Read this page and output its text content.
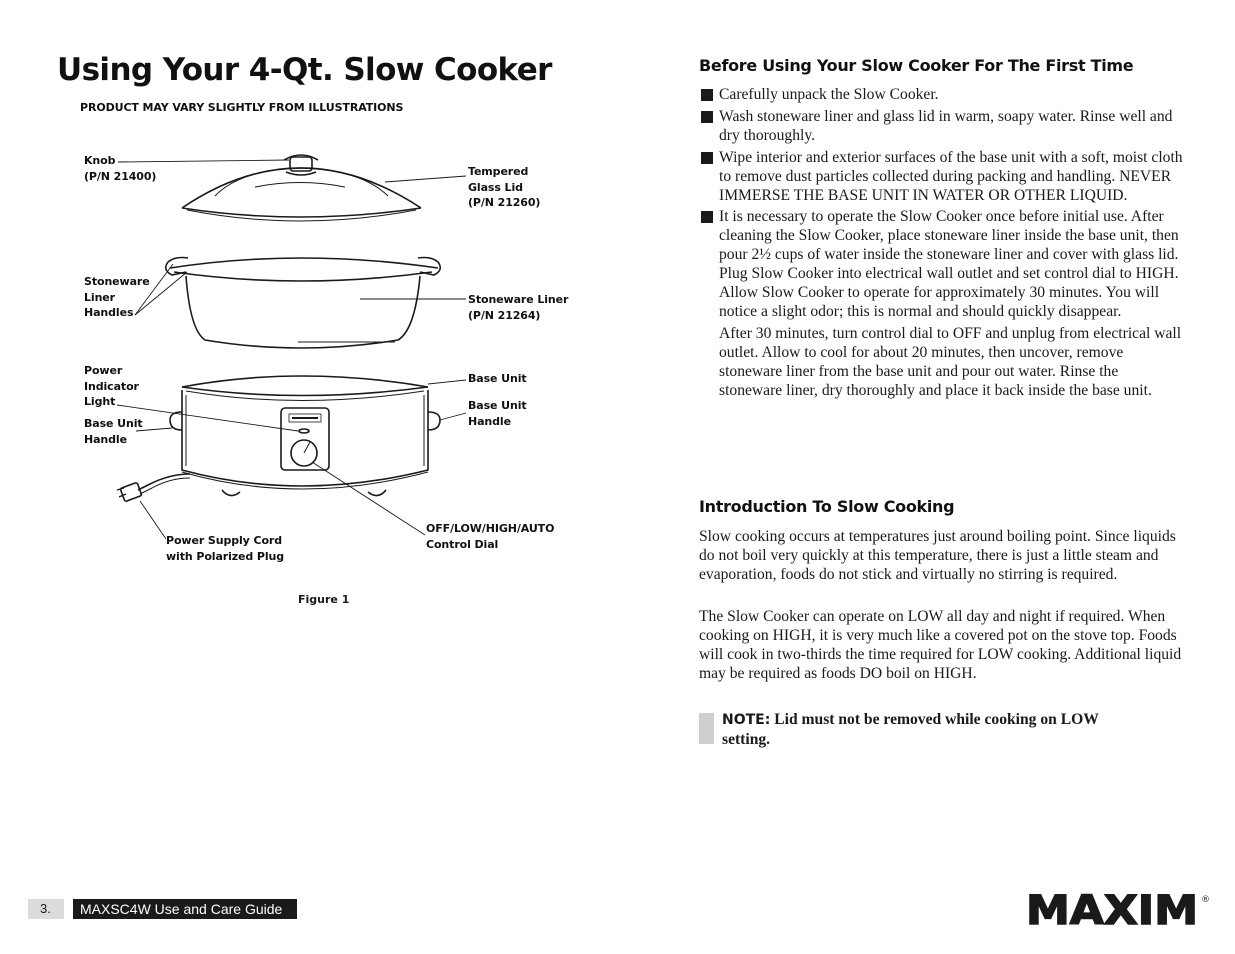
Using Your 4-Qt. Slow Cooker
PRODUCT MAY VARY SLIGHTLY FROM ILLUSTRATIONS
Knob
(P/N 21400)	Tempered
Glass Lid
(P/N 21260)
Stoneware
Liner
Handles
Stoneware Liner
(P/N 21264)
Power
Indicator
Light
Base Unit
Handle
Base Unit
Base Unit
Handle
Power Supply Cord
with Polarized Plug
OFF/LOW/HIGH/AUTO
Control Dial
Figure 1
Before Using Your Slow Cooker For The First Time
Carefully unpack the Slow Cooker.
Wash stoneware liner and glass lid in warm, soapy water. Rinse well and dry thoroughly.
Wipe interior and exterior surfaces of the base unit with a soft, moist cloth to remove dust particles collected during packing and handling. NEVER IMMERSE THE BASE UNIT IN WATER OR OTHER LIQUID.
It is necessary to operate the Slow Cooker once before initial use. After cleaning the Slow Cooker, place stoneware liner inside the base unit, then pour 2½ cups of water inside the stoneware liner and cover with glass lid. Plug Slow Cooker into electrical wall outlet and set control dial to HIGH. Allow Slow Cooker to operate for approximately 30 minutes. You will notice a slight odor; this is normal and should quickly disappear.
After 30 minutes, turn control dial to OFF and unplug from electrical wall outlet. Allow to cool for about 20 minutes, then uncover, remove stoneware liner from the base unit and pour out water. Rinse the stoneware liner, dry thoroughly and place it back inside the base unit.
Introduction To Slow Cooking

Slow cooking occurs at temperatures just around boiling point. Since liquids do not boil very quickly at this temperature, there is just a little steam and evaporation, foods do not stick and virtually no stirring is required.

The Slow Cooker can operate on LOW all day and night if required. When cooking on HIGH, it is very much like a covered pot on the stove top. Foods will cook in two-thirds the time required for LOW cooking. Additional liquid may be required as foods DO boil on HIGH.

NOTE: Lid must not be removed while cooking on LOW setting.
3.	MAXSC4W Use and Care Guide	MAXIM ®
